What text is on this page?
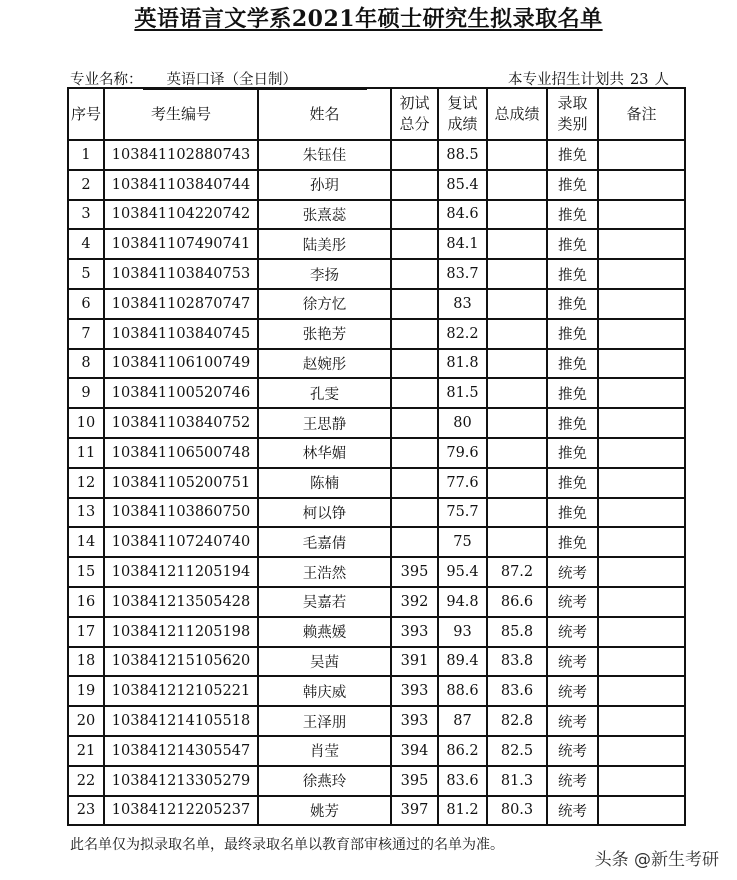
英语语言文学系2021年硕士研究生拟录取名单
专业名称： 英语口译（全日制）	本专业招生计划共 23 人
序号	考生编号	姓名	初试总分	复试成绩	总成绩	录取类别	备注
1	103841102880743	朱钰佳		88.5		推免	
2	103841103840744	孙玥		85.4		推免	
3	103841104220742	张熹蕊		84.6		推免	
4	103841107490741	陆美彤		84.1		推免	
5	103841103840753	李扬		83.7		推免	
6	103841102870747	徐方忆		83		推免	
7	103841103840745	张艳芳		82.2		推免	
8	103841106100749	赵婉彤		81.8		推免	
9	103841100520746	孔雯		81.5		推免	
10	103841103840752	王思静		80		推免	
11	103841106500748	林华媚		79.6		推免	
12	103841105200751	陈楠		77.6		推免	
13	103841103860750	柯以铮		75.7		推免	
14	103841107240740	毛嘉倩		75		推免	
15	103841211205194	王浩然	395	95.4	87.2	统考	
16	103841213505428	吴嘉若	392	94.8	86.6	统考	
17	103841211205198	赖燕媛	393	93	85.8	统考	
18	103841215105620	吴茜	391	89.4	83.8	统考	
19	103841212105221	韩庆威	393	88.6	83.6	统考	
20	103841214105518	王泽朋	393	87	82.8	统考	
21	103841214305547	肖莹	394	86.2	82.5	统考	
22	103841213305279	徐燕玲	395	83.6	81.3	统考	
23	103841212205237	姚芳	397	81.2	80.3	统考	
此名单仅为拟录取名单，最终录取名单以教育部审核通过的名单为准。
头条 @新生考研
